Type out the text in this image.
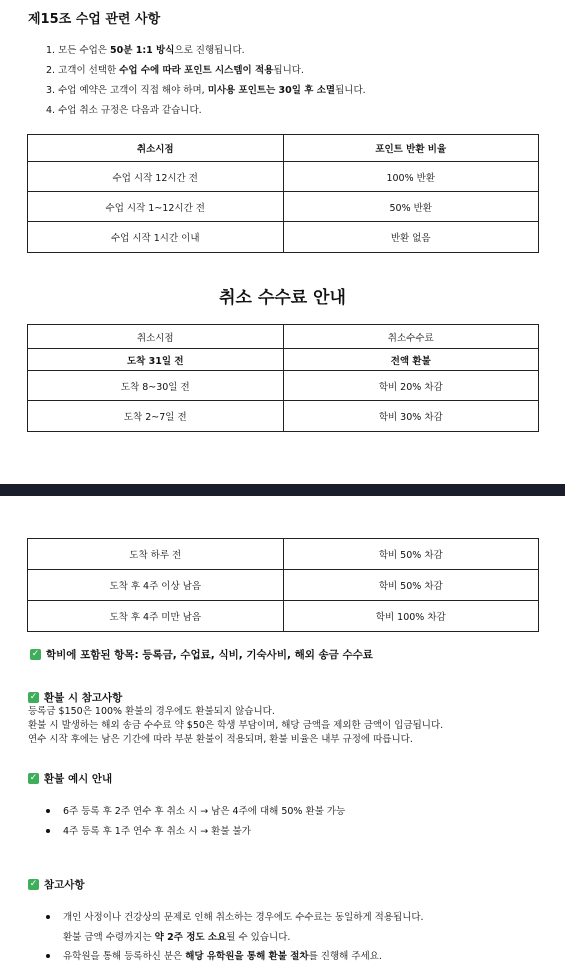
제15조 수업 관련 사항
1. 모든 수업은 50분 1:1 방식으로 진행됩니다.
2. 고객이 선택한 수업 수에 따라 포인트 시스템이 적용됩니다.
3. 수업 예약은 고객이 직접 해야 하며, 미사용 포인트는 30일 후 소멸됩니다.
4. 수업 취소 규정은 다음과 같습니다.
취소시점	포인트 반환 비율
수업 시작 12시간 전	100% 반환
수업 시작 1~12시간 전	50% 반환
수업 시작 1시간 이내	반환 없음
취소 수수료 안내
취소시점	취소수수료
도착 31일 전	전액 환불
도착 8~30일 전	학비 20% 차감
도착 2~7일 전	학비 30% 차감
도착 하루 전	학비 50% 차감
도착 후 4주 이상 남음	학비 50% 차감
도착 후 4주 미만 남음	학비 100% 차감
✓ 학비에 포함된 항목: 등록금, 수업료, 식비, 기숙사비, 해외 송금 수수료
✓ 환불 시 참고사항
등록금 $150은 100% 환불의 경우에도 환불되지 않습니다.
환불 시 발생하는 해외 송금 수수료 약 $50은 학생 부담이며, 해당 금액을 제외한 금액이 입금됩니다.
연수 시작 후에는 남은 기간에 따라 부분 환불이 적용되며, 환불 비율은 내부 규정에 따릅니다.
✓ 환불 예시 안내
6주 등록 후 2주 연수 후 취소 시 → 남은 4주에 대해 50% 환불 가능
4주 등록 후 1주 연수 후 취소 시 → 환불 불가
✓ 참고사항
개인 사정이나 건강상의 문제로 인해 취소하는 경우에도 수수료는 동일하게 적용됩니다.
환불 금액 수령까지는 약 2주 정도 소요될 수 있습니다.
유학원을 통해 등록하신 분은 해당 유학원을 통해 환불 절차를 진행해 주세요.
